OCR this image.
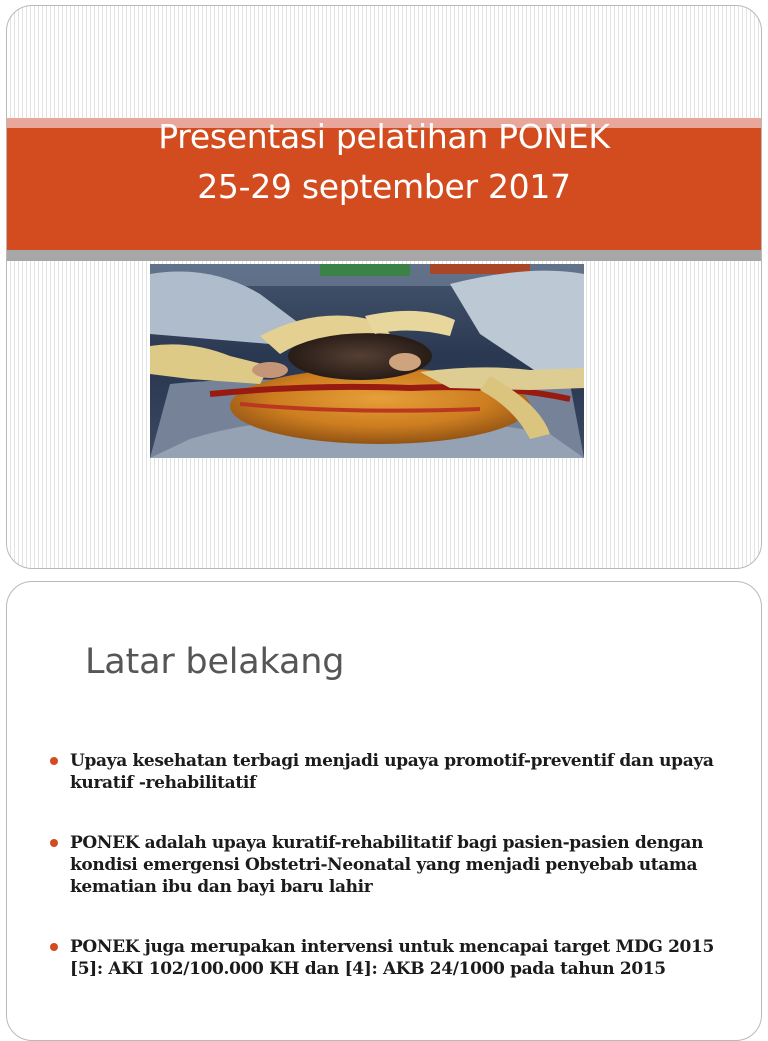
Presentasi pelatihan PONEK
25-29 september 2017
Latar belakang
Upaya kesehatan terbagi menjadi upaya promotif-preventif dan upaya kuratif -rehabilitatif
PONEK adalah upaya kuratif-rehabilitatif bagi pasien-pasien dengan kondisi emergensi Obstetri-Neonatal yang menjadi penyebab utama kematian ibu dan bayi baru lahir
PONEK juga merupakan intervensi untuk mencapai target MDG 2015 [5]: AKI 102/100.000 KH dan [4]: AKB 24/1000 pada tahun 2015
